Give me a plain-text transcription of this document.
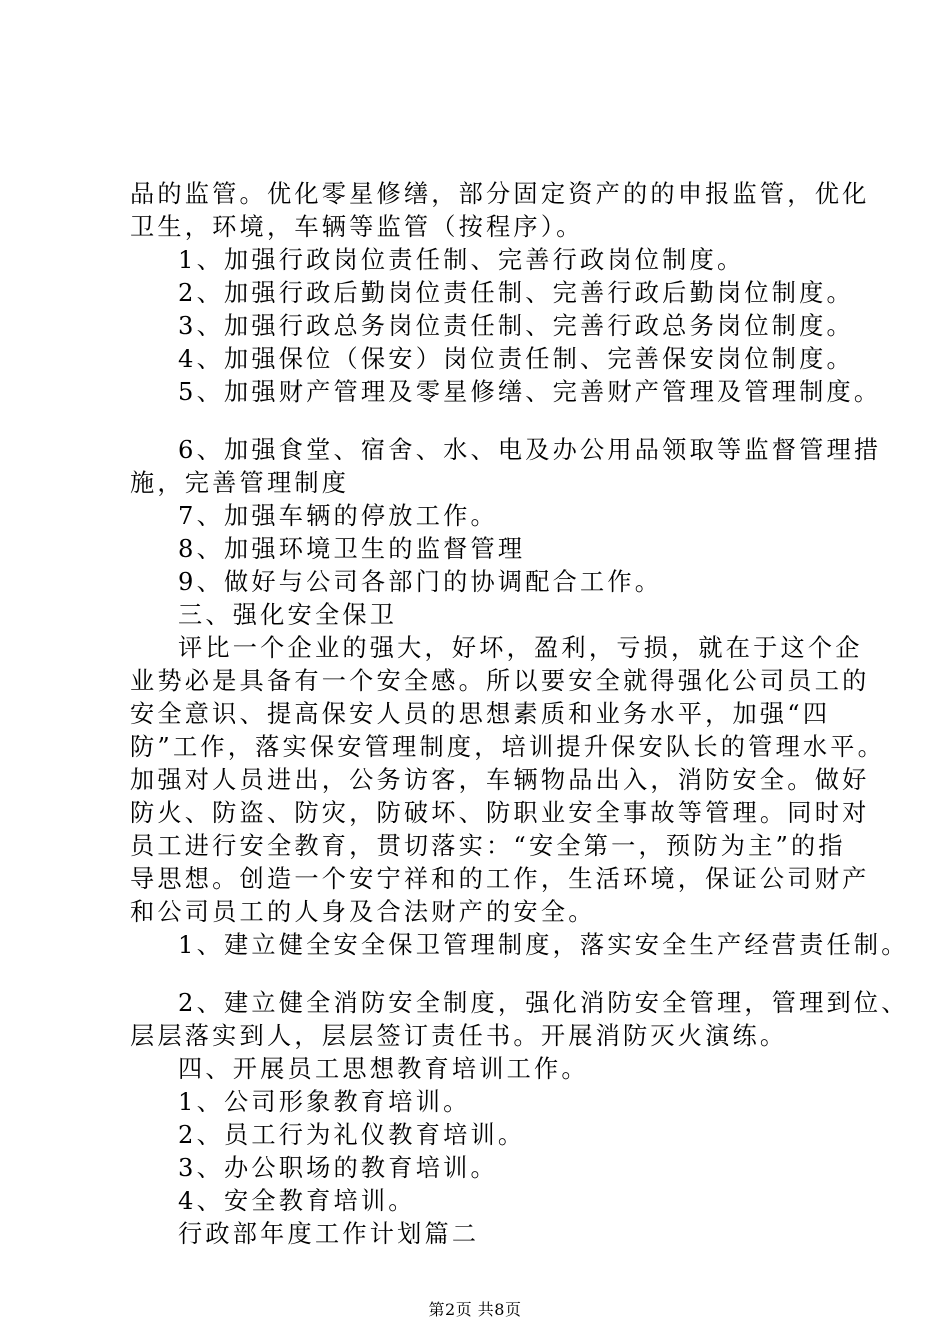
品的监管。优化零星修缮，部分固定资产的的申报监管，优化
卫生，环境，车辆等监管（按程序）。
1、加强行政岗位责任制、完善行政岗位制度。
2、加强行政后勤岗位责任制、完善行政后勤岗位制度。
3、加强行政总务岗位责任制、完善行政总务岗位制度。
4、加强保位（保安）岗位责任制、完善保安岗位制度。
5、加强财产管理及零星修缮、完善财产管理及管理制度。
6、加强食堂、宿舍、水、电及办公用品领取等监督管理措
施，完善管理制度
7、加强车辆的停放工作。
8、加强环境卫生的监督管理
9、做好与公司各部门的协调配合工作。
三、强化安全保卫
评比一个企业的强大，好坏，盈利，亏损，就在于这个企
业势必是具备有一个安全感。所以要安全就得强化公司员工的
安全意识、提高保安人员的思想素质和业务水平，加强“四
防”工作，落实保安管理制度，培训提升保安队长的管理水平。
加强对人员进出，公务访客，车辆物品出入，消防安全。做好
防火、防盗、防灾，防破坏、防职业安全事故等管理。同时对
员工进行安全教育，贯切落实：“安全第一，预防为主”的指
导思想。创造一个安宁祥和的工作，生活环境，保证公司财产
和公司员工的人身及合法财产的安全。
1、建立健全安全保卫管理制度，落实安全生产经营责任制。
2、建立健全消防安全制度，强化消防安全管理，管理到位、
层层落实到人，层层签订责任书。开展消防灭火演练。
四、开展员工思想教育培训工作。
1、公司形象教育培训。
2、员工行为礼仪教育培训。
3、办公职场的教育培训。
4、安全教育培训。
行政部年度工作计划篇二
第2页 共8页
